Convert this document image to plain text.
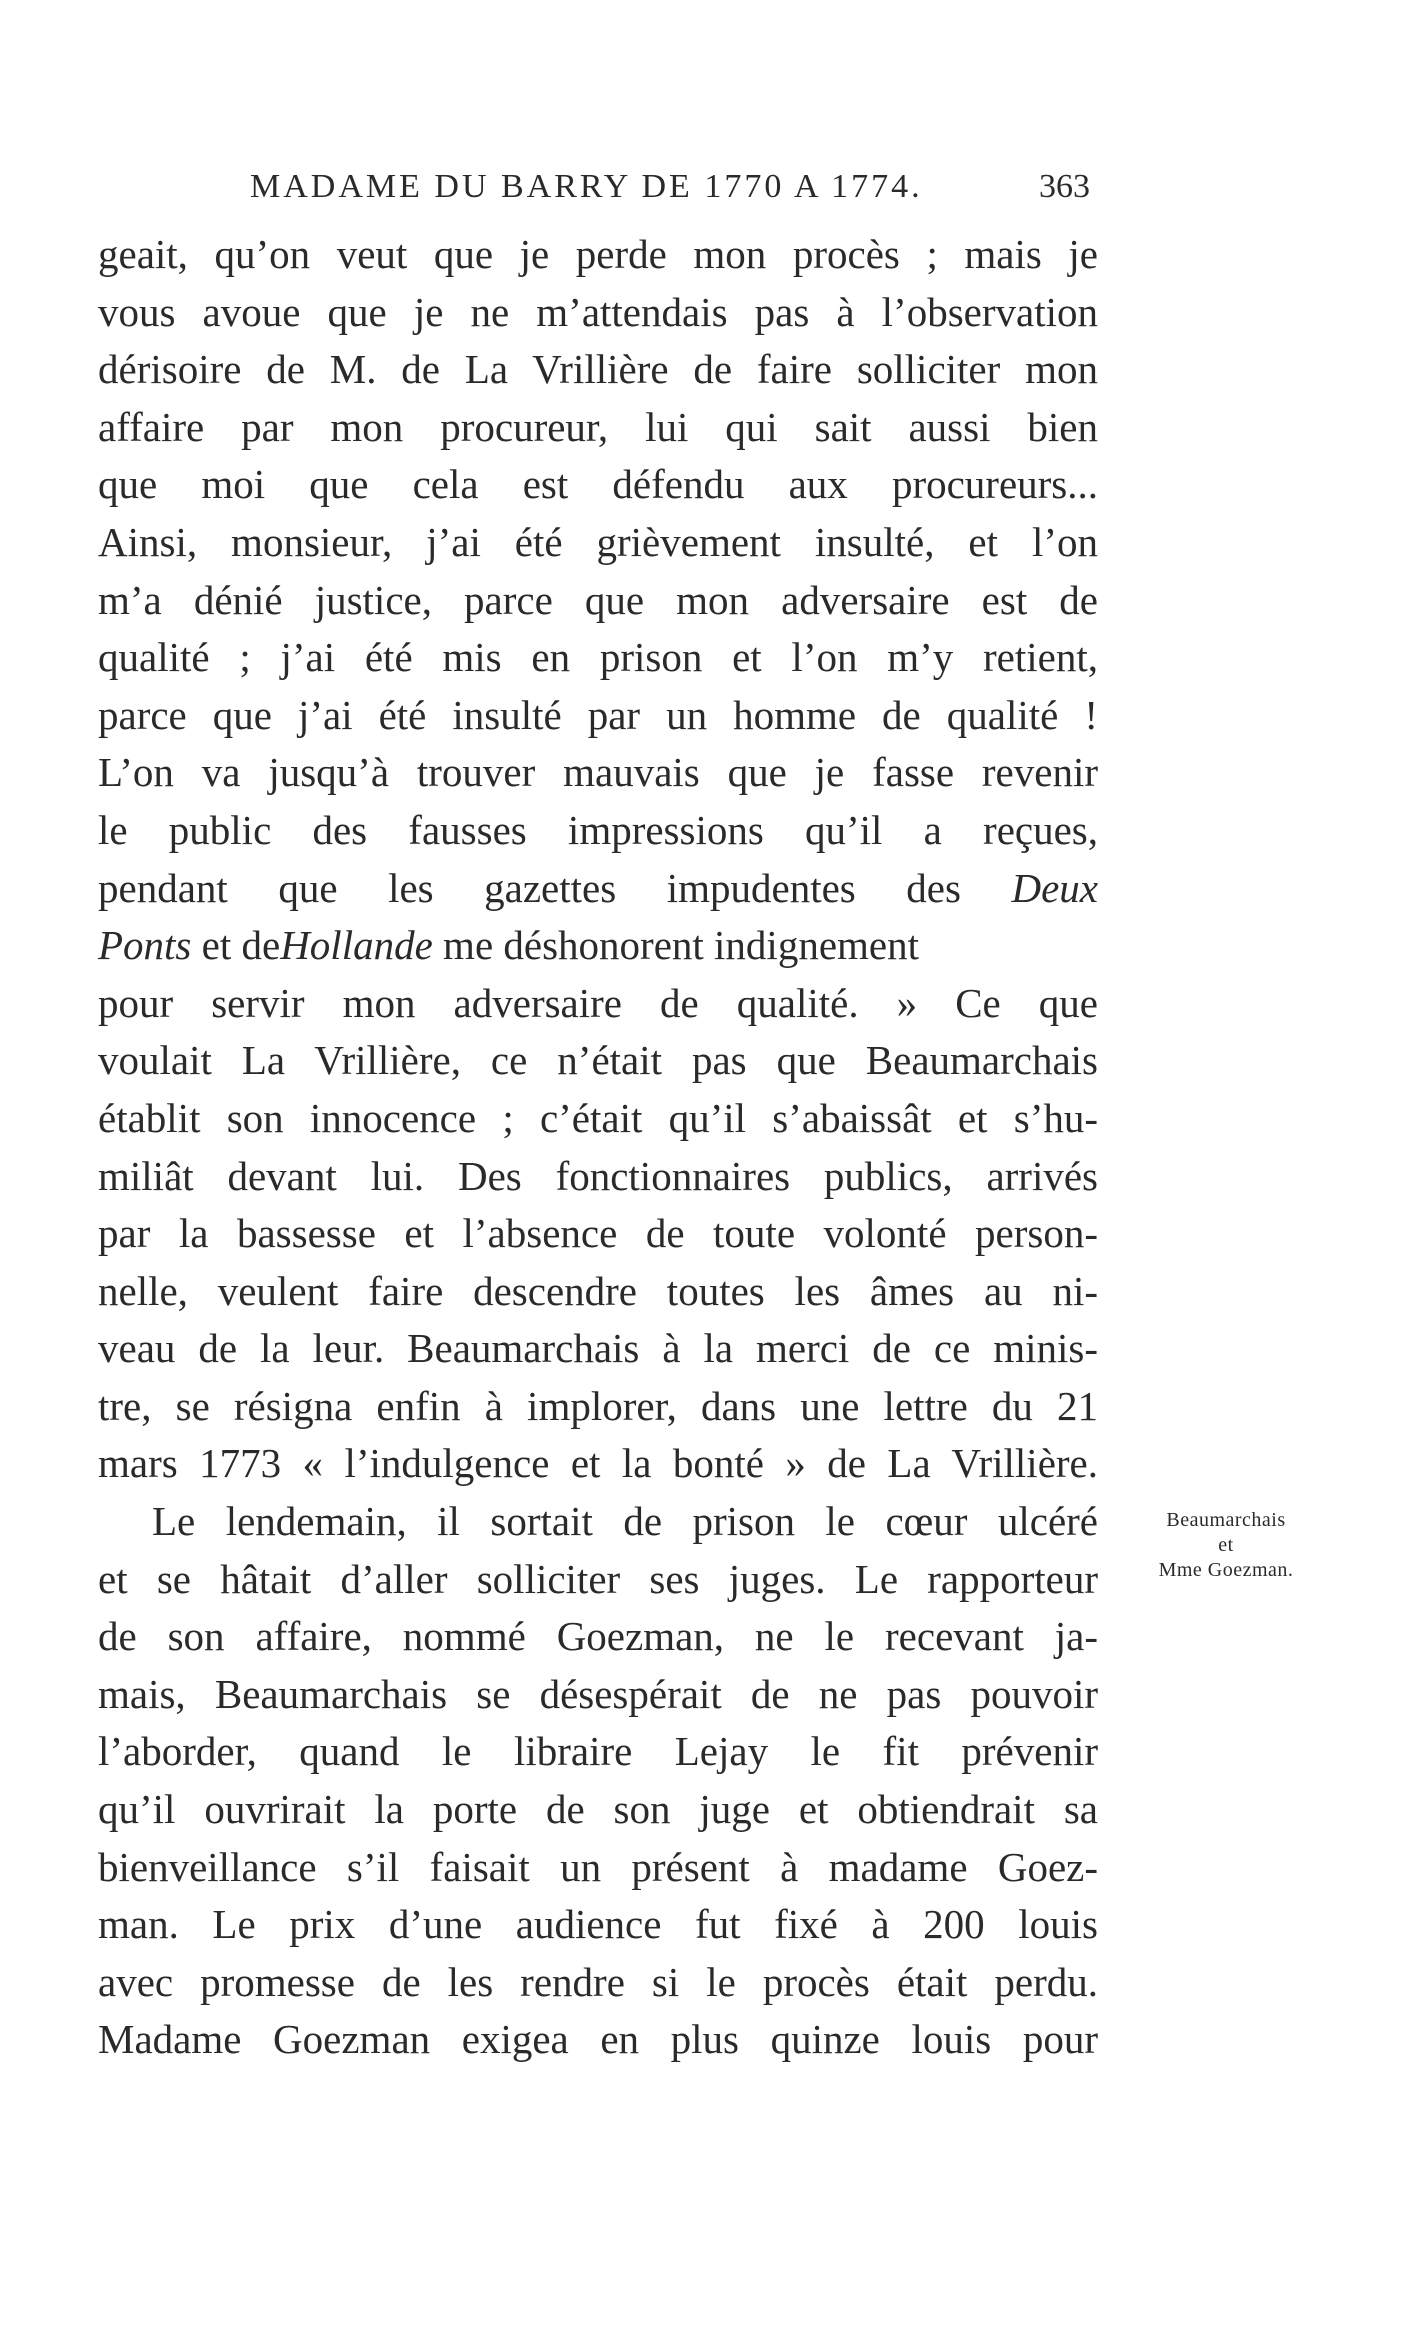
MADAME DU BARRY DE 1770 A 1774.	363
geait, qu’on veut que je perde mon procès ; mais je
vous avoue que je ne m’attendais pas à l’observation
dérisoire de M. de La Vrillière de faire solliciter mon
affaire par mon procureur, lui qui sait aussi bien
que moi que cela est défendu aux procureurs...
Ainsi, monsieur, j’ai été grièvement insulté, et l’on
m’a dénié justice, parce que mon adversaire est de
qualité ; j’ai été mis en prison et l’on m’y retient,
parce que j’ai été insulté par un homme de qualité !
L’on va jusqu’à trouver mauvais que je fasse revenir
le public des fausses impressions qu’il a reçues,
pendant que les gazettes impudentes des Deux
Ponts et deHollande me déshonorent indignement
pour servir mon adversaire de qualité. » Ce que
voulait La Vrillière, ce n’était pas que Beaumarchais
établit son innocence ; c’était qu’il s’abaissât et s’hu-
miliât devant lui. Des fonctionnaires publics, arrivés
par la bassesse et l’absence de toute volonté person-
nelle, veulent faire descendre toutes les âmes au ni-
veau de la leur. Beaumarchais à la merci de ce minis-
tre, se résigna enfin à implorer, dans une lettre du 21
mars 1773 « l’indulgence et la bonté » de La Vrillière.
Le lendemain, il sortait de prison le cœur ulcéré
et se hâtait d’aller solliciter ses juges. Le rapporteur
de son affaire, nommé Goezman, ne le recevant ja-
mais, Beaumarchais se désespérait de ne pas pouvoir
l’aborder, quand le libraire Lejay le fit prévenir
qu’il ouvrirait la porte de son juge et obtiendrait sa
bienveillance s’il faisait un présent à madame Goez-
man. Le prix d’une audience fut fixé à 200 louis
avec promesse de les rendre si le procès était perdu.
Madame Goezman exigea en plus quinze louis pour
Beaumarchais
et
Mme Goezman.
